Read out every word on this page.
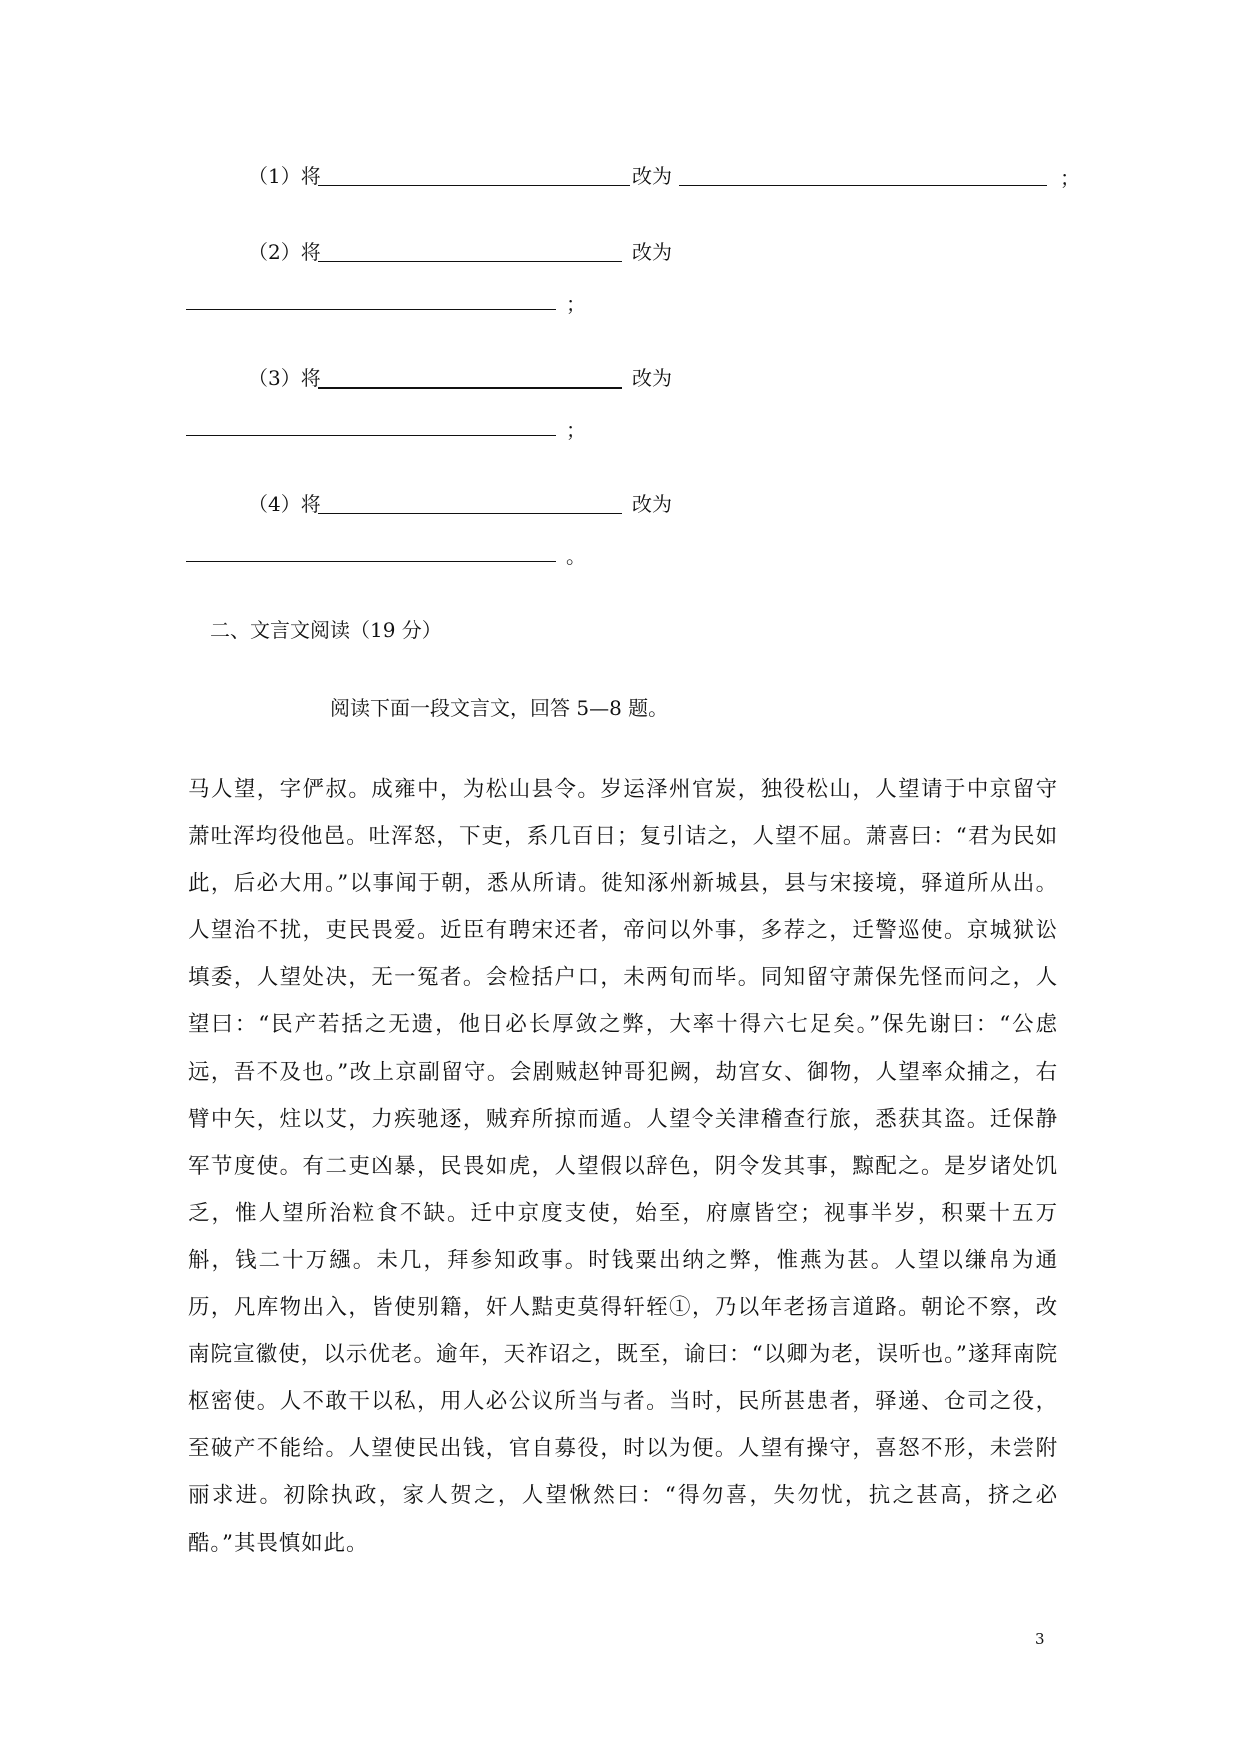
（1）将	改为	；
（2）将	改为
；
（3）将	改为
；
（4）将	改为
。
二、文言文阅读（19 分）
阅读下面一段文言文，回答 5—8 题。

马人望，字俨叔。成雍中，为松山县令。岁运泽州官炭，独役松山，人望请于中京留守萧吐浑均役他邑。吐浑怒，下吏，系几百日；复引诘之，人望不屈。萧喜曰：“君为民如此，后必大用。”以事闻于朝，悉从所请。徙知涿州新城县，县与宋接境，驿道所从出。人望治不扰，吏民畏爱。近臣有聘宋还者，帝问以外事，多荐之，迁警巡使。京城狱讼填委，人望处决，无一冤者。会检括户口，未两旬而毕。同知留守萧保先怪而问之，人望曰：“民产若括之无遗，他日必长厚敛之弊，大率十得六七足矣。”保先谢曰：“公虑远，吾不及也。”改上京副留守。会剧贼赵钟哥犯阙，劫宫女、御物，人望率众捕之，右臂中矢，炷以艾，力疾驰逐，贼弃所掠而遁。人望令关津稽查行旅，悉获其盗。迁保静军节度使。有二吏凶暴，民畏如虎，人望假以辞色，阴令发其事，黥配之。是岁诸处饥乏，惟人望所治粒食不缺。迁中京度支使，始至，府廪皆空；视事半岁，积粟十五万斛，钱二十万繦。未几，拜参知政事。时钱粟出纳之弊，惟燕为甚。人望以缣帛为通历，凡库物出入，皆使别籍，奸人黠吏莫得轩轾①，乃以年老扬言道路。朝论不察，改南院宣徽使，以示优老。逾年，天祚诏之，既至，谕曰：“以卿为老，误听也。”遂拜南院枢密使。人不敢干以私，用人必公议所当与者。当时，民所甚患者，驿递、仓司之役，至破产不能给。人望使民出钱，官自募役，时以为便。人望有操守，喜怒不形，未尝附丽求进。初除执政，家人贺之，人望愀然曰：“得勿喜，失勿忧，抗之甚高，挤之必酷。”其畏慎如此。

3
